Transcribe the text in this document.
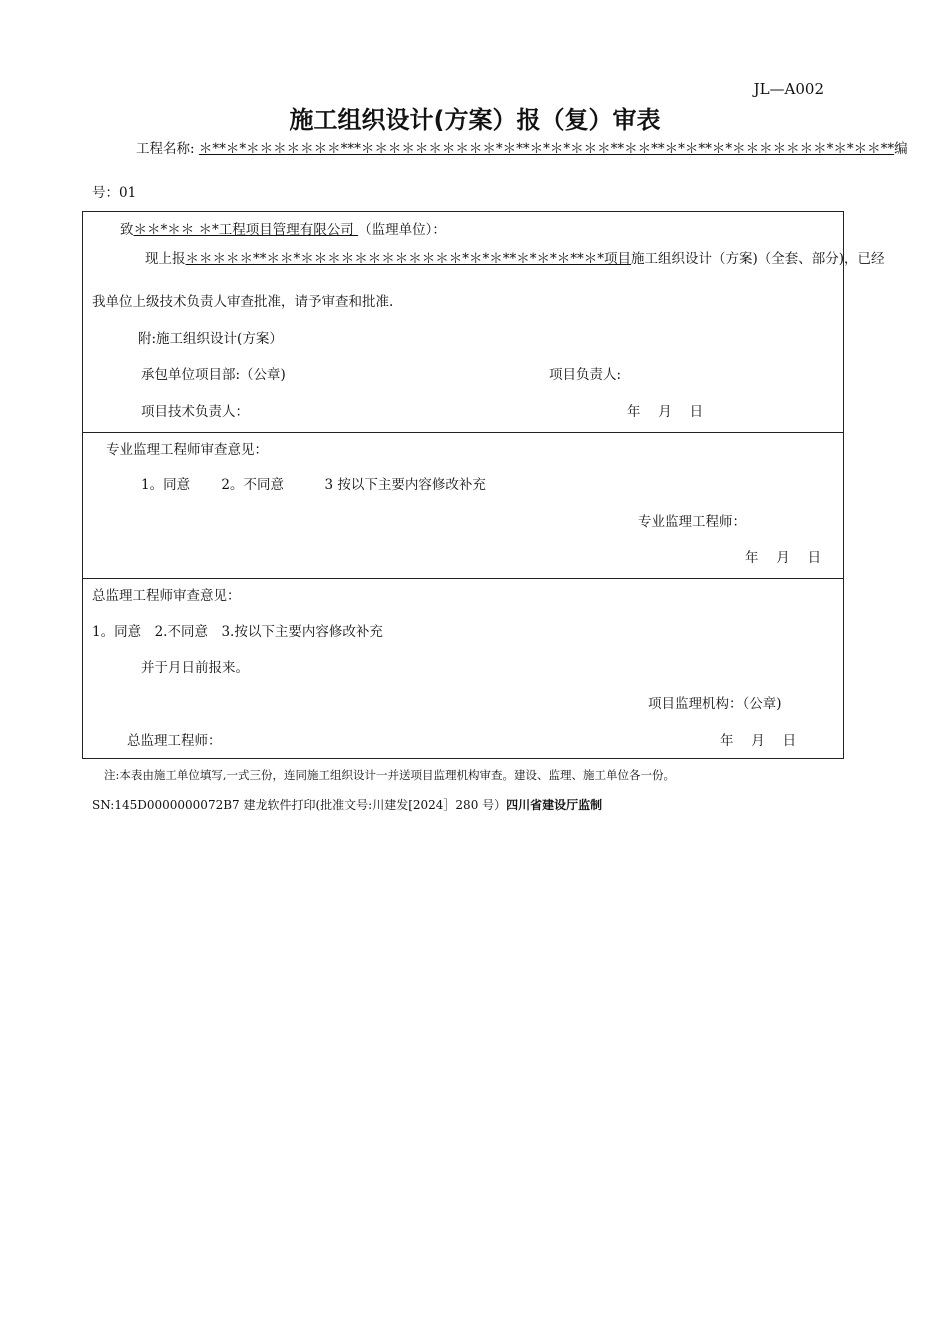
JL—A002
施工组织设计(方案）报（复）审表
工程名称: ＊**＊*＊＊＊＊＊＊＊***＊＊＊＊＊＊＊＊＊＊*＊**＊*＊*＊＊＊**＊＊**＊*＊**＊*＊＊＊＊＊＊＊*＊*＊＊**编
号：01
致＊＊*＊＊ ＊*工程项目管理有限公司 （监理单位）：
现上报＊＊＊＊＊**＊＊*＊＊＊＊＊＊＊＊＊＊＊＊*＊*＊**＊*＊*＊**＊*项目施工组织设计（方案)（全套、部分)，已经
我单位上级技术负责人审查批准，请予审查和批准.
附:施工组织设计(方案）
承包单位项目部:（公章)	项目负责人:
项目技术负责人：	年　 月　 日
专业监理工程师审查意见：
1。同意　　 2。不同意　　　3 按以下主要内容修改补充
专业监理工程师：
年　 月　 日
总监理工程师审查意见：
1。同意　2.不同意　3.按以下主要内容修改补充
并于月日前报来。
项目监理机构：（公章)
总监理工程师：	年　 月　 日
注:本表由施工单位填写,一式三份，连同施工组织设计一并送项目监理机构审查。建设、监理、施工单位各一份。
SN:145D0000000072B7 建龙软件打印(批准文号:川建发[2024］280 号）四川省建设厅监制
